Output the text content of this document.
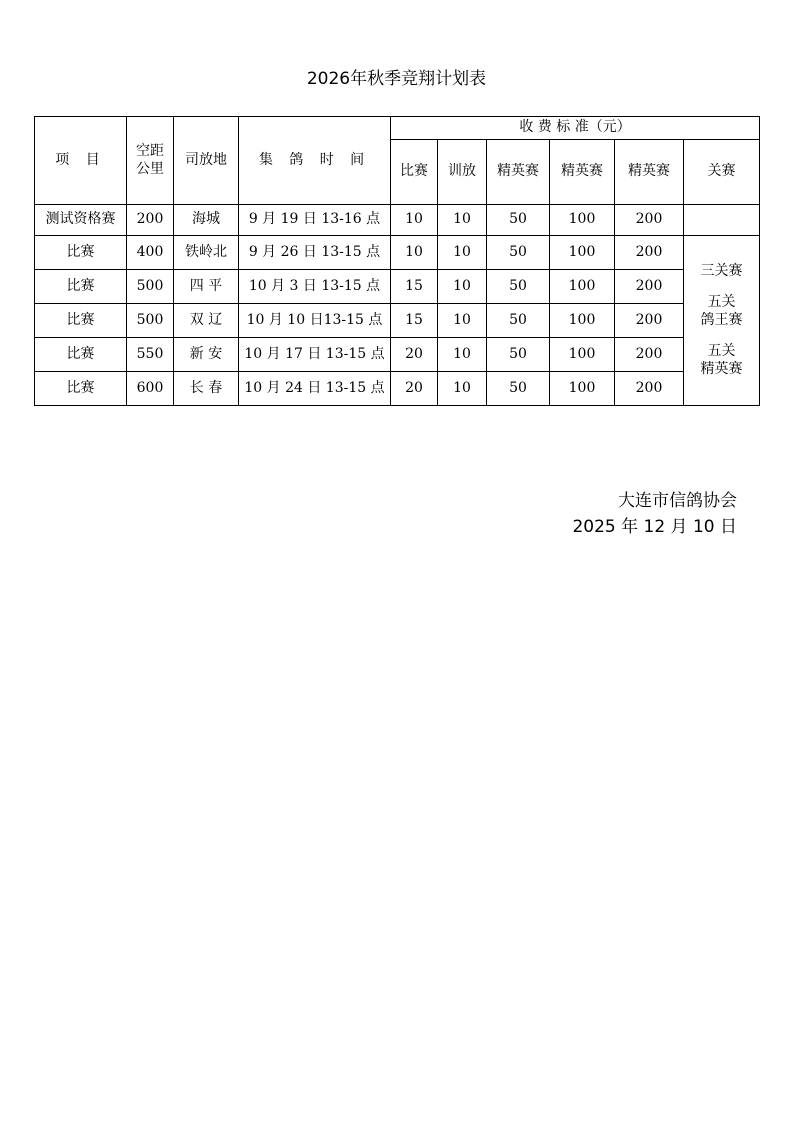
2026年秋季竞翔计划表
项 目	空距公里	司放地	集 鸽 时 间	收 费 标 准（元）					
				比赛	训放	精英赛	精英赛	精英赛	关赛
测试资格赛	200	海城	9 月 19 日 13-16 点	10	10	50	100	200	
比赛	400	铁岭北	9 月 26 日 13-15 点	10	10	50	100	200	三关赛
五关
鸽王赛
五关
精英赛

比赛	500	四 平	10 月 3 日 13-15 点	15	10	50	100	200	
比赛	500	双 辽	10 月 10 日13-15 点	15	10	50	100	200	
比赛	550	新 安	10 月 17 日 13-15 点	20	10	50	100	200	
比赛	600	长 春	10 月 24 日 13-15 点	20	10	50	100	200	
大连市信鸽协会
2025 年 12 月 10 日
